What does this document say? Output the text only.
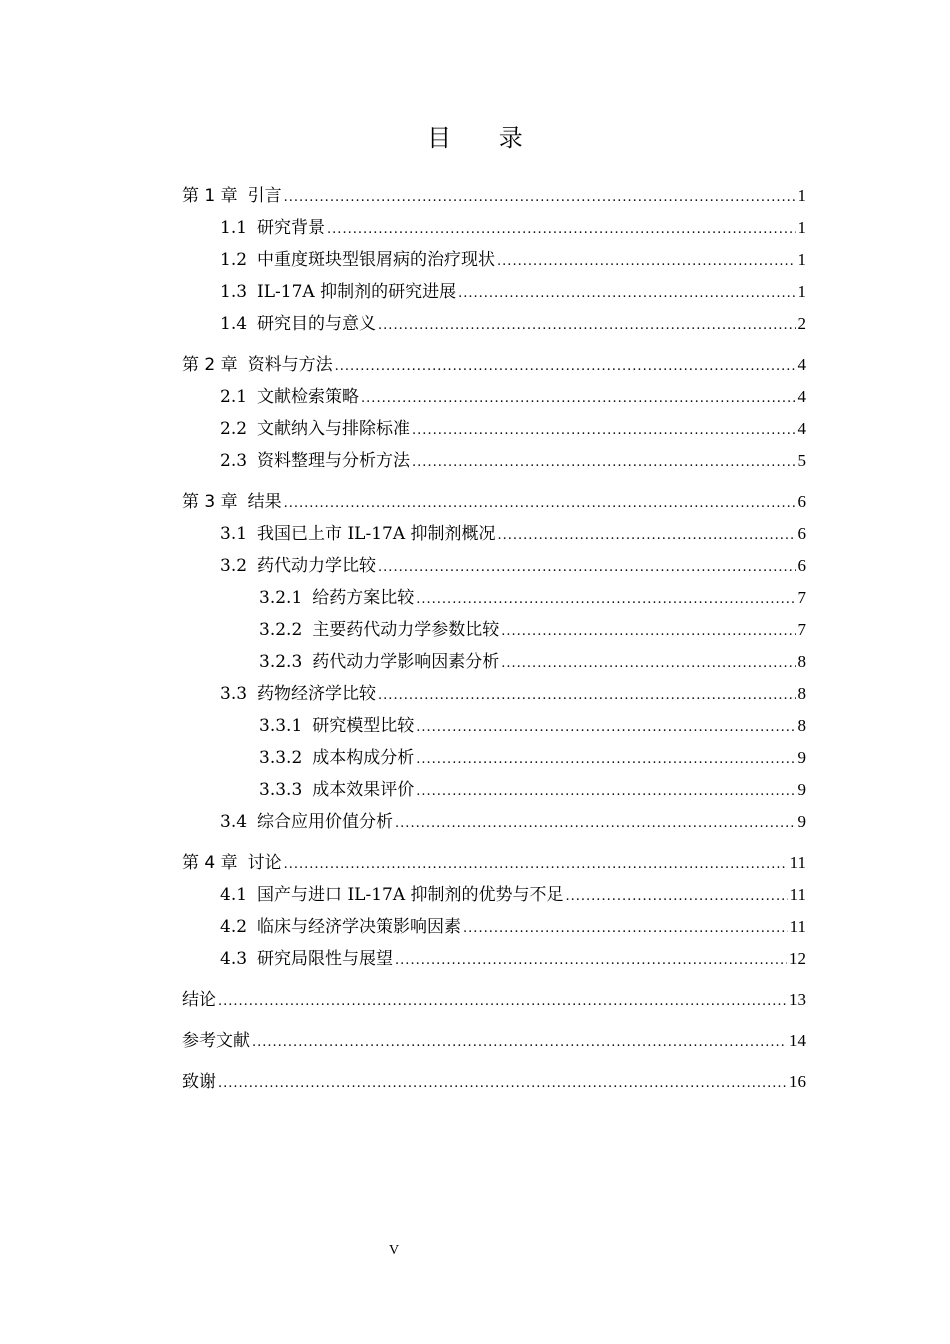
目 录
第 1 章 引言 .....	1
1.1 研究背景 .....	1
1.2 中重度斑块型银屑病的治疗现状 .....	1
1.3 IL-17A 抑制剂的研究进展 .....	1
1.4 研究目的与意义 .....	2
第 2 章 资料与方法 .....	4
2.1 文献检索策略 .....	4
2.2 文献纳入与排除标准 .....	4
2.3 资料整理与分析方法 .....	5
第 3 章 结果 .....	6
3.1 我国已上市 IL-17A 抑制剂概况 .....	6
3.2 药代动力学比较 .....	6
3.2.1 给药方案比较 .....	7
3.2.2 主要药代动力学参数比较 .....	7
3.2.3 药代动力学影响因素分析 .....	8
3.3 药物经济学比较 .....	8
3.3.1 研究模型比较 .....	8
3.3.2 成本构成分析 .....	9
3.3.3 成本效果评价 .....	9
3.4 综合应用价值分析 .....	9
第 4 章 讨论 .....	11
4.1 国产与进口 IL-17A 抑制剂的优势与不足 .....	11
4.2 临床与经济学决策影响因素 .....	11
4.3 研究局限性与展望 .....	12
结论 .....	13
参考文献 .....	14
致谢 .....	16
V
